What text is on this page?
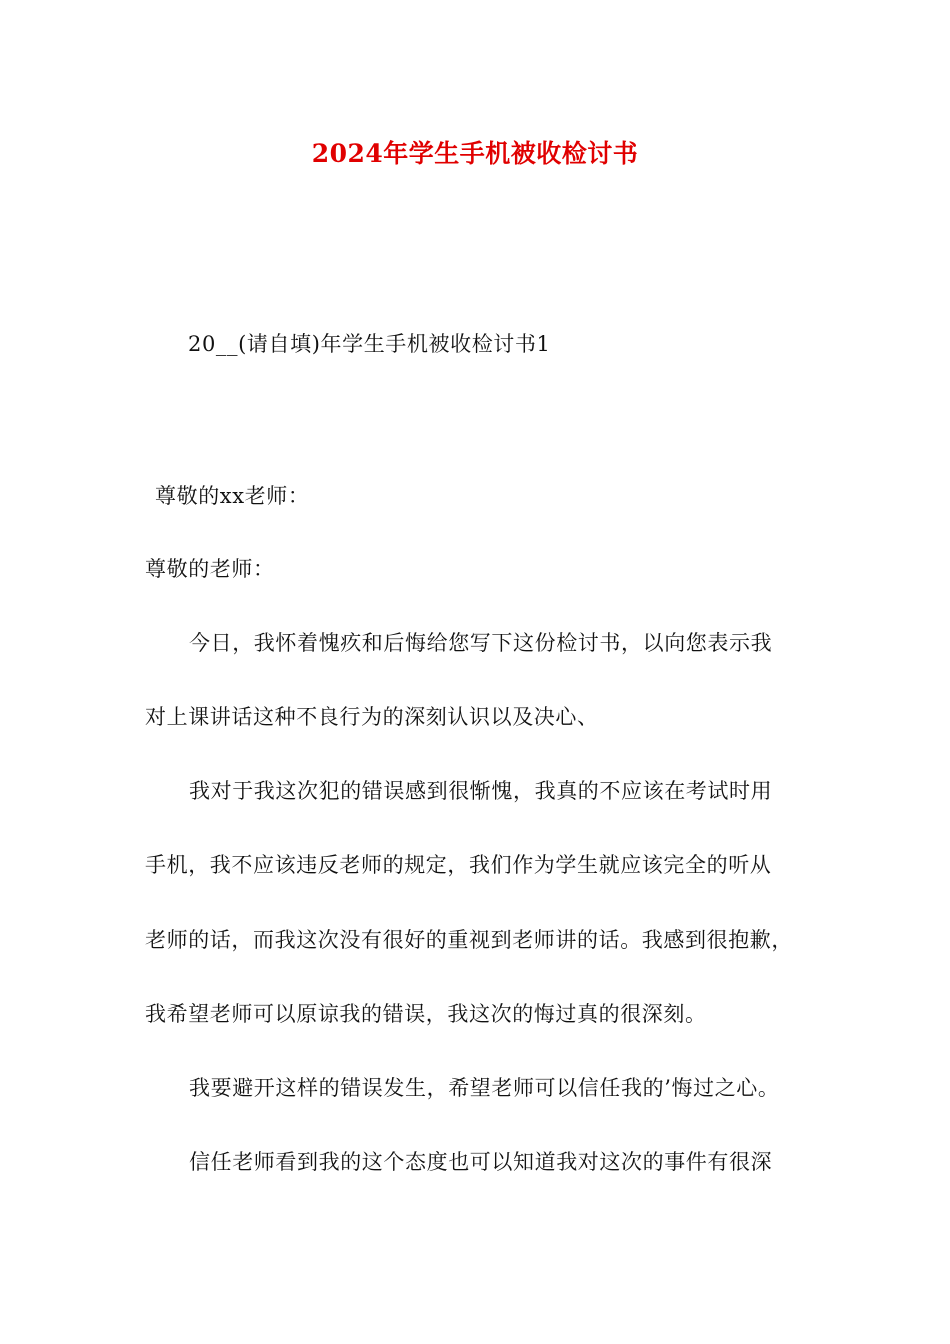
2024年学生手机被收检讨书
20__(请自填)年学生手机被收检讨书1
尊敬的xx老师：
尊敬的老师：
今日，我怀着愧疚和后悔给您写下这份检讨书，以向您表示我
对上课讲话这种不良行为的深刻认识以及决心、
我对于我这次犯的错误感到很惭愧，我真的不应该在考试时用
手机，我不应该违反老师的规定，我们作为学生就应该完全的听从
老师的话，而我这次没有很好的重视到老师讲的话。我感到很抱歉，
我希望老师可以原谅我的错误，我这次的悔过真的很深刻。
我要避开这样的错误发生，希望老师可以信任我的’悔过之心。
信任老师看到我的这个态度也可以知道我对这次的事件有很深
